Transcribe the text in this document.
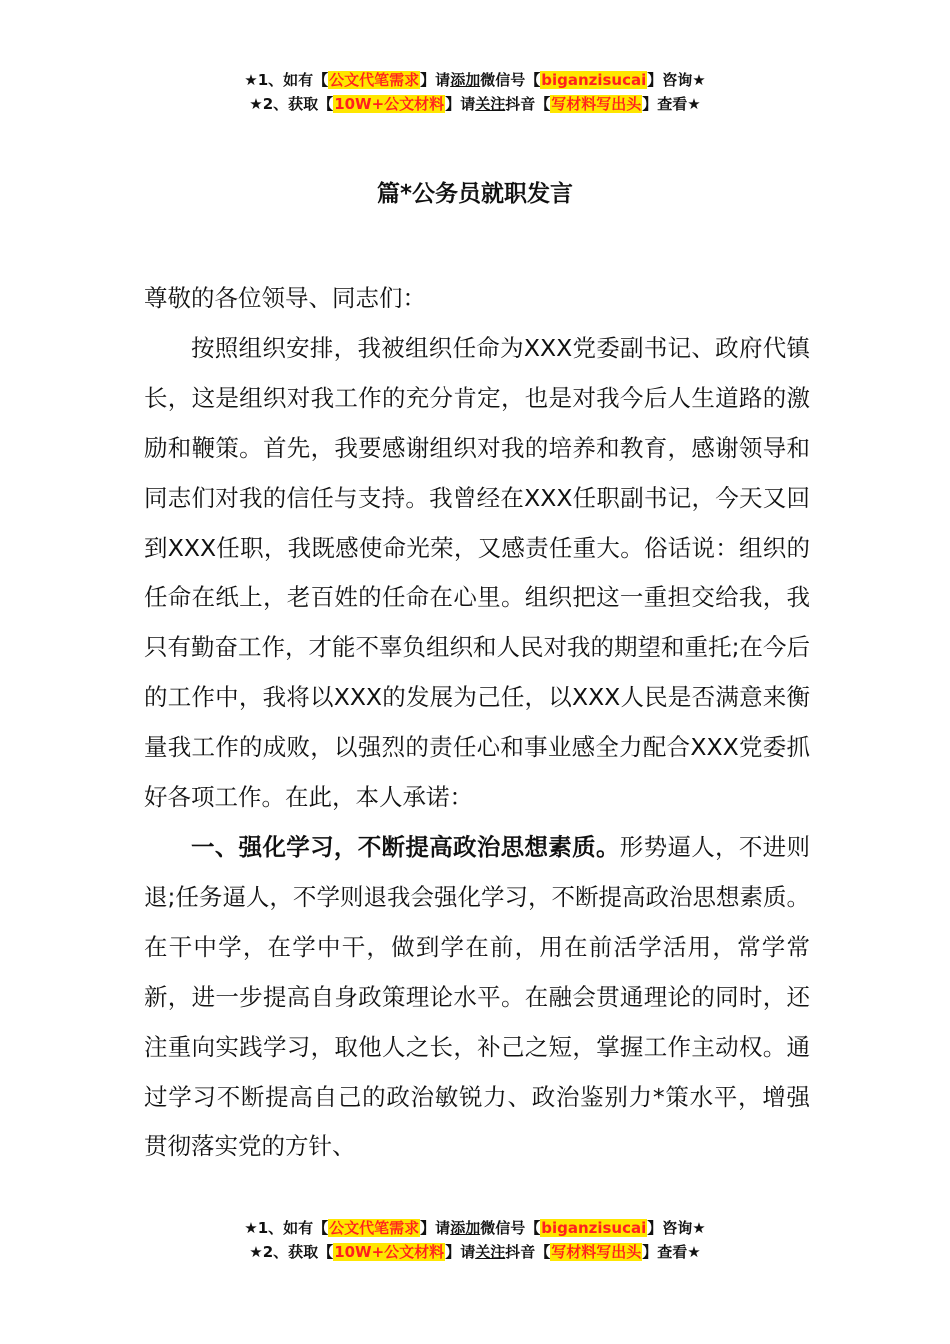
★1、如有【公文代笔需求】请添加微信号【biganzisucai】咨询★
★2、获取【10W+公文材料】请关注抖音【写材料写出头】查看★
篇*公务员就职发言

尊敬的各位领导、同志们：

按照组织安排，我被组织任命为XXX党委副书记、政府代镇长，这是组织对我工作的充分肯定，也是对我今后人生道路的激励和鞭策。首先，我要感谢组织对我的培养和教育，感谢领导和同志们对我的信任与支持。我曾经在XXX任职副书记，今天又回到XXX任职，我既感使命光荣，又感责任重大。俗话说：组织的任命在纸上，老百姓的任命在心里。组织把这一重担交给我，我只有勤奋工作，才能不辜负组织和人民对我的期望和重托;在今后的工作中，我将以XXX的发展为己任，以XXX人民是否满意来衡量我工作的成败，以强烈的责任心和事业感全力配合XXX党委抓好各项工作。在此，本人承诺：

一、强化学习，不断提高政治思想素质。形势逼人，不进则退;任务逼人，不学则退我会强化学习，不断提高政治思想素质。在干中学，在学中干，做到学在前，用在前活学活用，常学常新，进一步提高自身政策理论水平。在融会贯通理论的同时，还注重向实践学习，取他人之长，补己之短，掌握工作主动权。通过学习不断提高自己的政治敏锐力、政治鉴别力*策水平，增强贯彻落实党的方针、

★1、如有【公文代笔需求】请添加微信号【biganzisucai】咨询★
★2、获取【10W+公文材料】请关注抖音【写材料写出头】查看★
